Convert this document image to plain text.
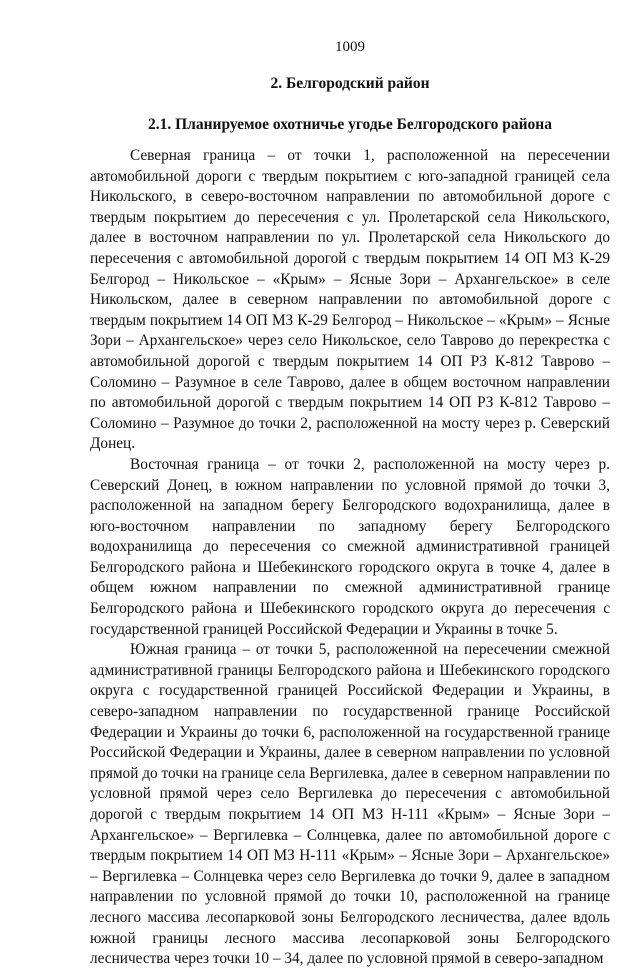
1009
2. Белгородский район
2.1. Планируемое охотничье угодье Белгородского района

Северная граница – от точки 1, расположенной на пересечении автомобильной дороги с твердым покрытием с юго-западной границей села Никольского, в северо-восточном направлении по автомобильной дороге с твердым покрытием до пересечения с ул. Пролетарской села Никольского, далее в восточном направлении по ул. Пролетарской села Никольского до пересечения с автомобильной дорогой с твердым покрытием 14 ОП МЗ К-29 Белгород – Никольское – «Крым» – Ясные Зори – Архангельское» в селе Никольском, далее в северном направлении по автомобильной дороге с твердым покрытием 14 ОП МЗ К-29 Белгород – Никольское – «Крым» – Ясные Зори – Архангельское» через село Никольское, село Таврово до перекрестка с автомобильной дорогой с твердым покрытием 14 ОП РЗ К-812 Таврово – Соломино – Разумное в селе Таврово, далее в общем восточном направлении по автомобильной дорогой с твердым покрытием 14 ОП РЗ К-812 Таврово – Соломино – Разумное до точки 2, расположенной на мосту через р. Северский Донец.

Восточная граница – от точки 2, расположенной на мосту через р. Северский Донец, в южном направлении по условной прямой до точки 3, расположенной на западном берегу Белгородского водохранилища, далее в юго-восточном направлении по западному берегу Белгородского водохранилища до пересечения со смежной административной границей Белгородского района и Шебекинского городского округа в точке 4, далее в общем южном направлении по смежной административной границе Белгородского района и Шебекинского городского округа до пересечения с государственной границей Российской Федерации и Украины в точке 5.

Южная граница – от точки 5, расположенной на пересечении смежной административной границы Белгородского района и Шебекинского городского округа с государственной границей Российской Федерации и Украины, в северо-западном направлении по государственной границе Российской Федерации и Украины до точки 6, расположенной на государственной границе Российской Федерации и Украины, далее в северном направлении по условной прямой до точки на границе села Вергилевка, далее в северном направлении по условной прямой через село Вергилевка до пересечения с автомобильной дорогой с твердым покрытием 14 ОП МЗ Н-111 «Крым» – Ясные Зори – Архангельское» – Вергилевка – Солнцевка, далее по автомобильной дороге с твердым покрытием 14 ОП МЗ Н-111 «Крым» – Ясные Зори – Архангельское» – Вергилевка – Солнцевка через село Вергилевка до точки 9, далее в западном направлении по условной прямой до точки 10, расположенной на границе лесного массива лесопарковой зоны Белгородского лесничества, далее вдоль южной границы лесного массива лесопарковой зоны Белгородского лесничества через точки 10 – 34, далее по условной прямой в северо-западном
